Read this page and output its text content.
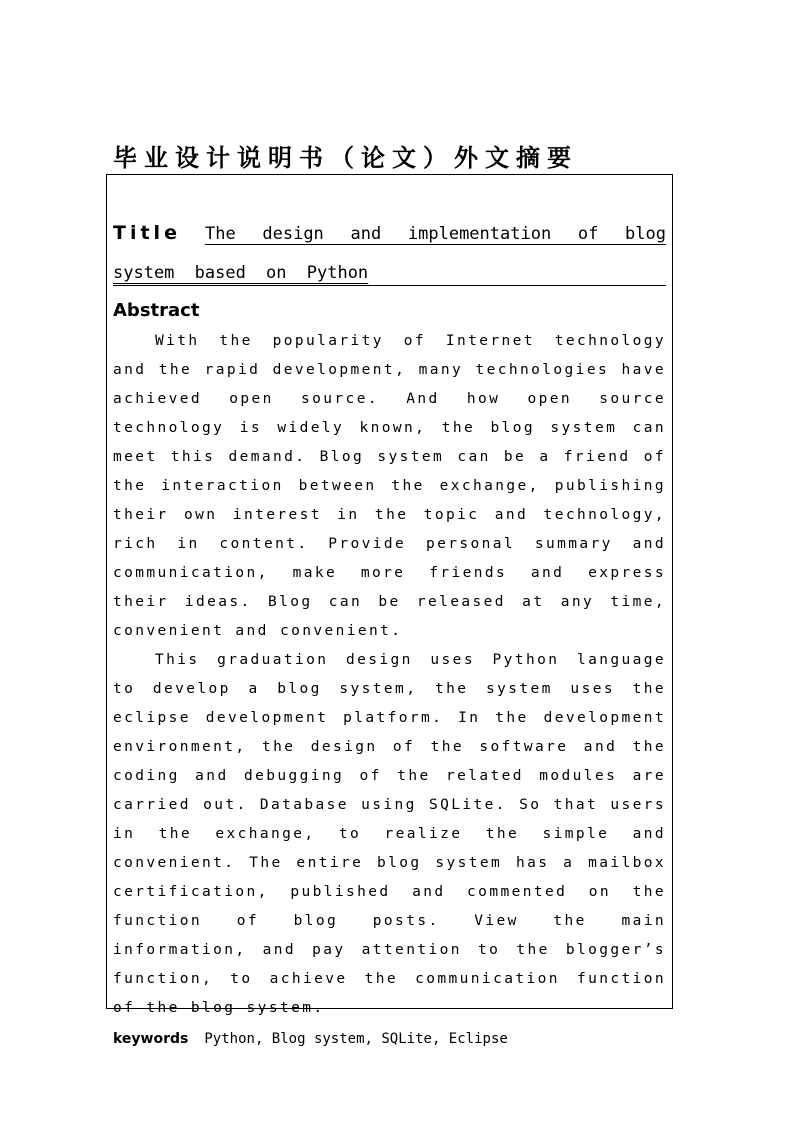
毕业设计说明书（论文）外文摘要
Title The design and implementation of blog system based on Python
Abstract

With the popularity of Internet technology and the rapid development, many technologies have achieved open source. And how open source technology is widely known, the blog system can meet this demand. Blog system can be a friend of the interaction between the exchange, publishing their own interest in the topic and technology, rich in content. Provide personal summary and communication, make more friends and express their ideas. Blog can be released at any time, convenient and convenient.

This graduation design uses Python language to develop a blog system, the system uses the eclipse development platform. In the development environment, the design of the software and the coding and debugging of the related modules are carried out. Database using SQLite. So that users in the exchange, to realize the simple and convenient. The entire blog system has a mailbox certification, published and commented on the function of blog posts. View the main information, and pay attention to the blogger’s function, to achieve the communication function of the blog system.

keywords Python, Blog system, SQLite, Eclipse
